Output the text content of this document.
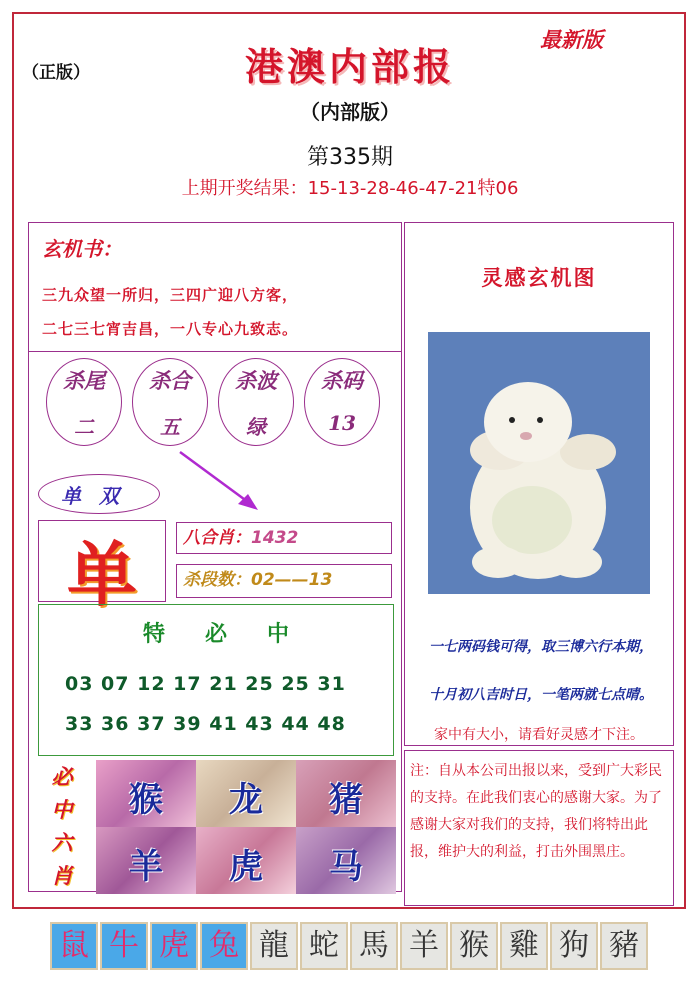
（正版）
最新版
港澳内部报
（内部版）
第335期
上期开奖结果：15-13-28-46-47-21特06
玄机书：
三九众望一所归，三四广迎八方客，
二七三七宵吉昌，一八专心九致志。
杀尾
二
杀合
五
杀波
绿
杀码
13
单双
单	八合肖：1432
杀段数：02——13
特必中
03 07 12 17 21 25 25 31
33 36 37 39 41 43 44 48
必
中
六
肖
猴	龙	猪
羊	虎	马
灵感玄机图
一七两码钱可得，取三博六行本期，
十月初八吉时日，一笔两就七点晴。
家中有大小，请看好灵感才下注。
注：自从本公司出报以来，受到广大彩民的支持。在此我们衷心的感谢大家。为了感谢大家对我们的支持，我们将特出此报，维护大的利益，打击外围黑庄。
鼠 牛 虎 兔 龍 蛇 馬 羊 猴 雞 狗 豬
